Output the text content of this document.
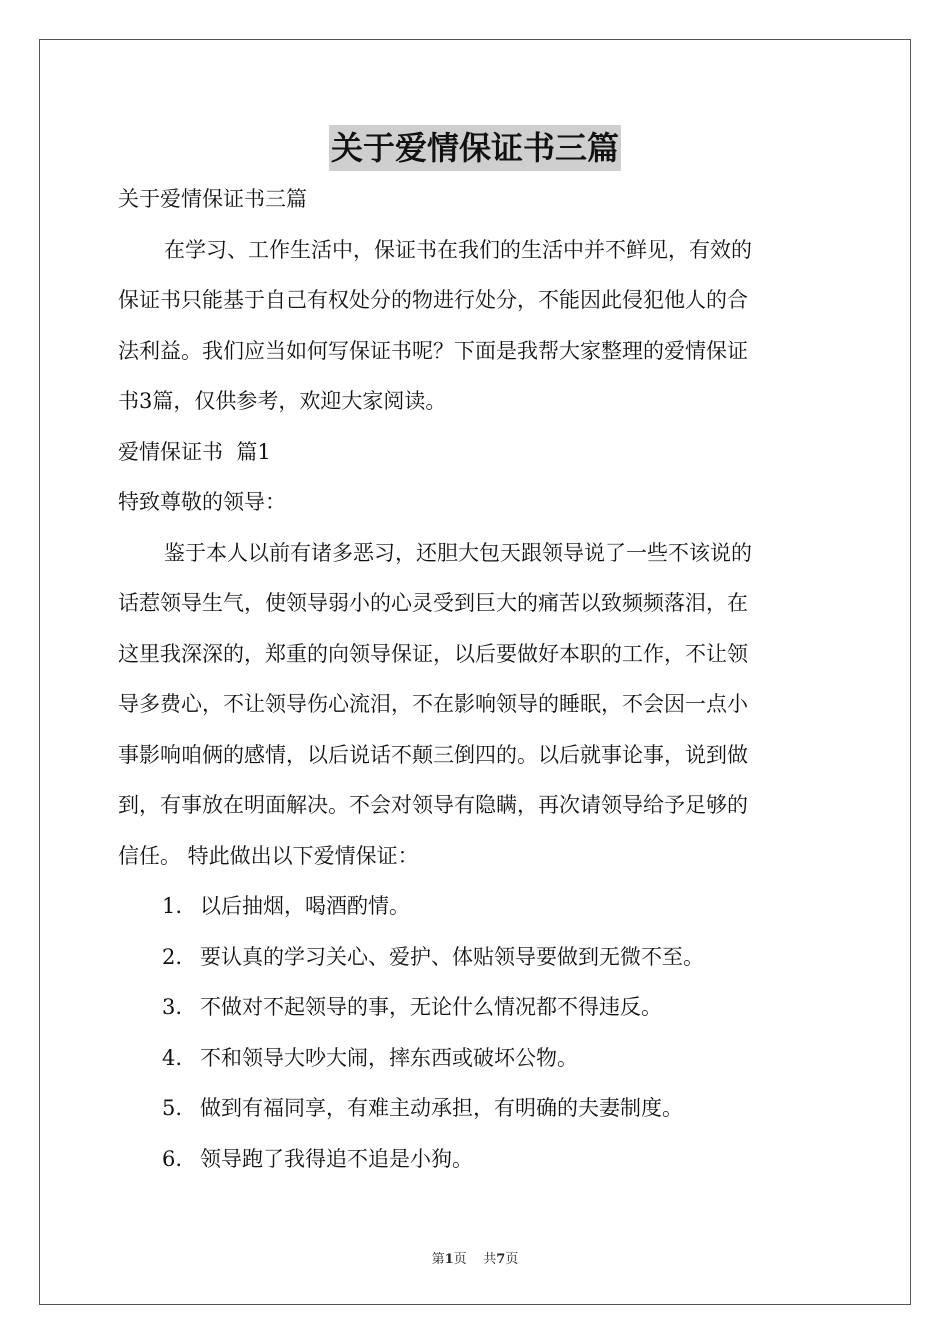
关于爱情保证书三篇
关于爱情保证书三篇
在学习、工作生活中，保证书在我们的生活中并不鲜见，有效的
保证书只能基于自己有权处分的物进行处分，不能因此侵犯他人的合
法利益。我们应当如何写保证书呢？下面是我帮大家整理的爱情保证
书3篇，仅供参考，欢迎大家阅读。
爱情保证书  篇1
特致尊敬的领导：
鉴于本人以前有诸多恶习，还胆大包天跟领导说了一些不该说的
话惹领导生气，使领导弱小的心灵受到巨大的痛苦以致频频落泪，在
这里我深深的，郑重的向领导保证，以后要做好本职的工作，不让领
导多费心，不让领导伤心流泪，不在影响领导的睡眠，不会因一点小
事影响咱俩的感情，以后说话不颠三倒四的。以后就事论事，说到做
到，有事放在明面解决。不会对领导有隐瞒，再次请领导给予足够的
信任。 特此做出以下爱情保证：
1. 以后抽烟，喝酒酌情。
2. 要认真的学习关心、爱护、体贴领导要做到无微不至。
3. 不做对不起领导的事，无论什么情况都不得违反。
4. 不和领导大吵大闹，摔东西或破坏公物。
5. 做到有福同享，有难主动承担，有明确的夫妻制度。
6. 领导跑了我得追不追是小狗。
第1页 共7页
